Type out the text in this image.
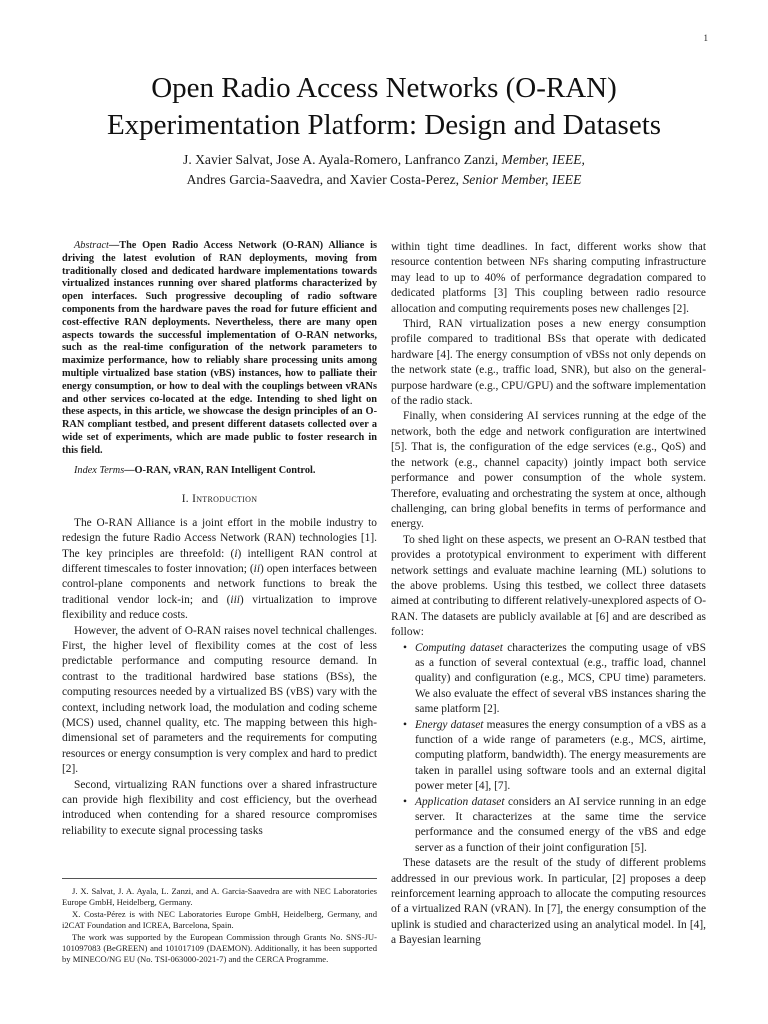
1
Open Radio Access Networks (O-RAN)
Experimentation Platform: Design and Datasets
J. Xavier Salvat, Jose A. Ayala-Romero, Lanfranco Zanzi, Member, IEEE,
Andres Garcia-Saavedra, and Xavier Costa-Perez, Senior Member, IEEE

Abstract—The Open Radio Access Network (O-RAN) Alliance is driving the latest evolution of RAN deployments, moving from traditionally closed and dedicated hardware implementations towards virtualized instances running over shared platforms characterized by open interfaces. Such progressive decoupling of radio software components from the hardware paves the road for future efficient and cost-effective RAN deployments. Nevertheless, there are many open aspects towards the successful implementation of O-RAN networks, such as the real-time configuration of the network parameters to maximize performance, how to reliably share processing units among multiple virtualized base station (vBS) instances, how to palliate their energy consumption, or how to deal with the couplings between vRANs and other services co-located at the edge. Intending to shed light on these aspects, in this article, we showcase the design principles of an O-RAN compliant testbed, and present different datasets collected over a wide set of experiments, which are made public to foster research in this field.

Index Terms—O-RAN, vRAN, RAN Intelligent Control.

I. Introduction

The O-RAN Alliance is a joint effort in the mobile industry to redesign the future Radio Access Network (RAN) technologies [1]. The key principles are threefold: (i) intelligent RAN control at different timescales to foster innovation; (ii) open interfaces between control-plane components and network functions to break the traditional vendor lock-in; and (iii) virtualization to improve flexibility and reduce costs.

However, the advent of O-RAN raises novel technical challenges. First, the higher level of flexibility comes at the cost of less predictable performance and computing resource demand. In contrast to the traditional hardwired base stations (BSs), the computing resources needed by a virtualized BS (vBS) vary with the context, including network load, the modulation and coding scheme (MCS) used, channel quality, etc. The mapping between this high-dimensional set of parameters and the requirements for computing resources or energy consumption is very complex and hard to predict [2].

Second, virtualizing RAN functions over a shared infrastructure can provide high flexibility and cost efficiency, but the overhead introduced when contending for a shared resource compromises reliability to execute signal processing tasks

J. X. Salvat, J. A. Ayala, L. Zanzi, and A. Garcia-Saavedra are with NEC Laboratories Europe GmbH, Heidelberg, Germany.

X. Costa-Pérez is with NEC Laboratories Europe GmbH, Heidelberg, Germany, and i2CAT Foundation and ICREA, Barcelona, Spain.

The work was supported by the European Commission through Grants No. SNS-JU-101097083 (BeGREEN) and 101017109 (DAEMON). Additionally, it has been supported by MINECO/NG EU (No. TSI-063000-2021-7) and the CERCA Programme.

within tight time deadlines. In fact, different works show that resource contention between NFs sharing computing infrastructure may lead to up to 40% of performance degradation compared to dedicated platforms [3] This coupling between radio resource allocation and computing requirements poses new challenges [2].

Third, RAN virtualization poses a new energy consumption profile compared to traditional BSs that operate with dedicated hardware [4]. The energy consumption of vBSs not only depends on the network state (e.g., traffic load, SNR), but also on the general-purpose hardware (e.g., CPU/GPU) and the software implementation of the radio stack.

Finally, when considering AI services running at the edge of the network, both the edge and network configuration are intertwined [5]. That is, the configuration of the edge services (e.g., QoS) and the network (e.g., channel capacity) jointly impact both service performance and power consumption of the whole system. Therefore, evaluating and orchestrating the system at once, although challenging, can bring global benefits in terms of performance and energy.

To shed light on these aspects, we present an O-RAN testbed that provides a prototypical environment to experiment with different network settings and evaluate machine learning (ML) solutions to the above problems. Using this testbed, we collect three datasets aimed at contributing to different relatively-unexplored aspects of O-RAN. The datasets are publicly available at [6] and are described as follow:

• Computing dataset characterizes the computing usage of vBS as a function of several contextual (e.g., traffic load, channel quality) and configuration (e.g., MCS, CPU time) parameters. We also evaluate the effect of several vBS instances sharing the same platform [2].
• Energy dataset measures the energy consumption of a vBS as a function of a wide range of parameters (e.g., MCS, airtime, computing platform, bandwidth). The energy measurements are taken in parallel using software tools and an external digital power meter [4], [7].
• Application dataset considers an AI service running in an edge server. It characterizes at the same time the service performance and the consumed energy of the vBS and edge server as a function of their joint configuration [5].

These datasets are the result of the study of different problems addressed in our previous work. In particular, [2] proposes a deep reinforcement learning approach to allocate the computing resources of a virtualized RAN (vRAN). In [7], the energy consumption of the uplink is studied and characterized using an analytical model. In [4], a Bayesian learning
